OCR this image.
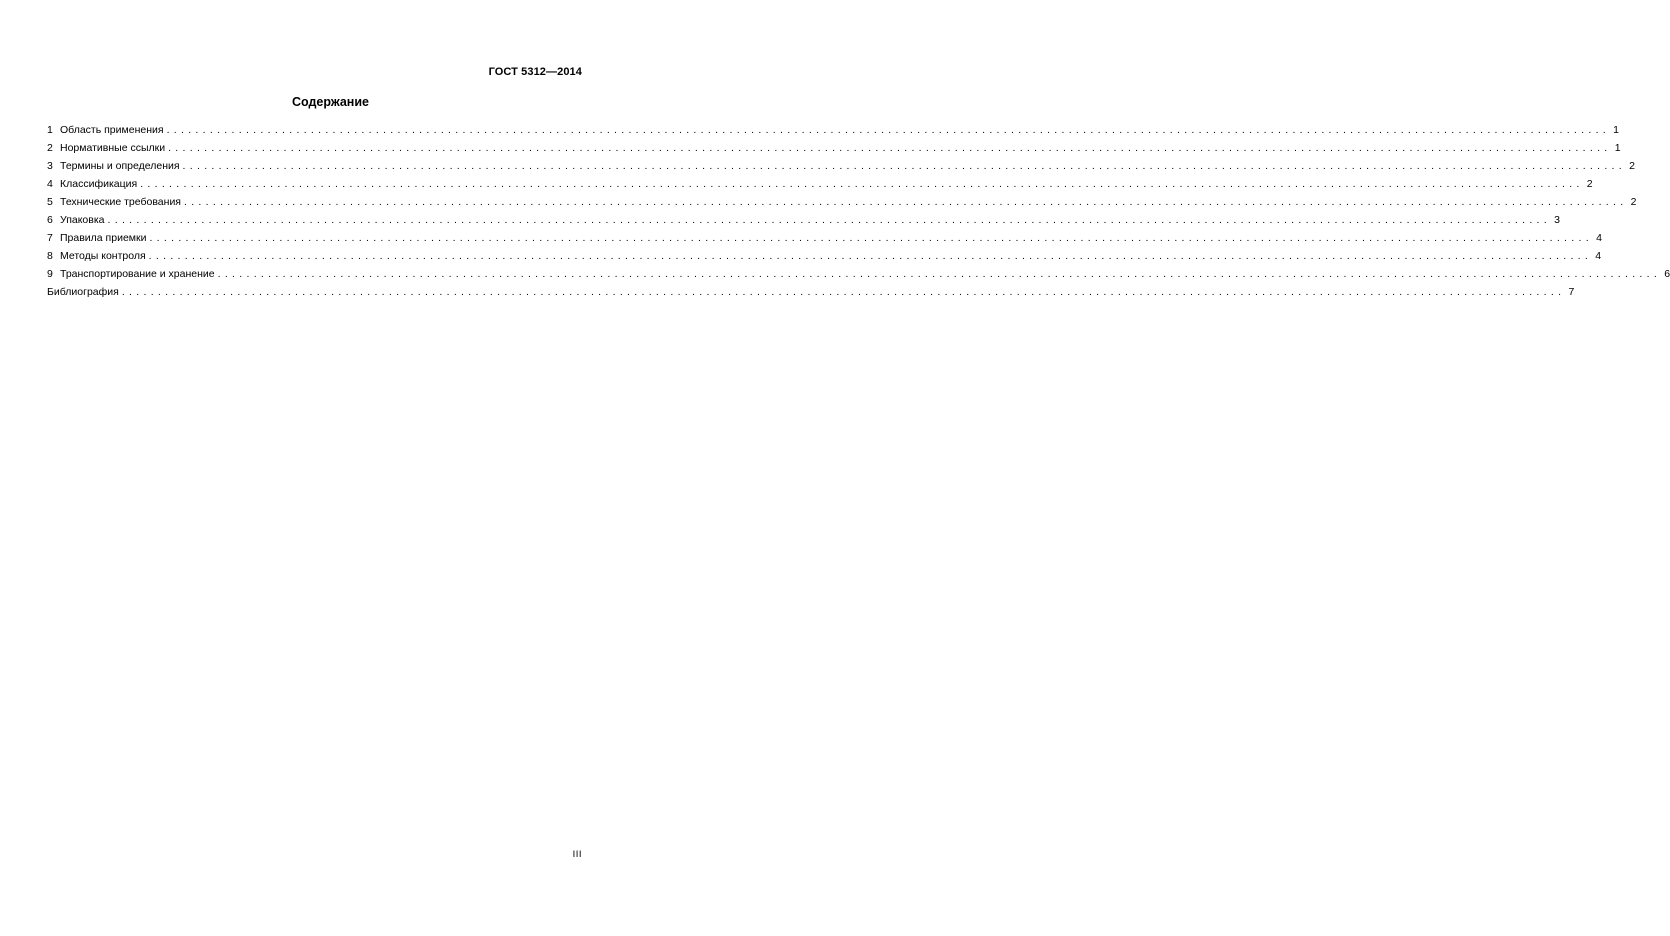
ГОСТ 5312—2014
Содержание
1 Область применения ........................................................................................................................................................................................................ 1
2 Нормативные ссылки ........................................................................................................................................................................................................ 1
3 Термины и определения ........................................................................................................................................................................................................ 2
4 Классификация ........................................................................................................................................................................................................ 2
5 Технические требования ........................................................................................................................................................................................................ 2
6 Упаковка ........................................................................................................................................................................................................ 3
7 Правила приемки ........................................................................................................................................................................................................ 4
8 Методы контроля ........................................................................................................................................................................................................ 4
9 Транспортирование и хранение ........................................................................................................................................................................................................ 6
Библиография ........................................................................................................................................................................................................ 7
III
